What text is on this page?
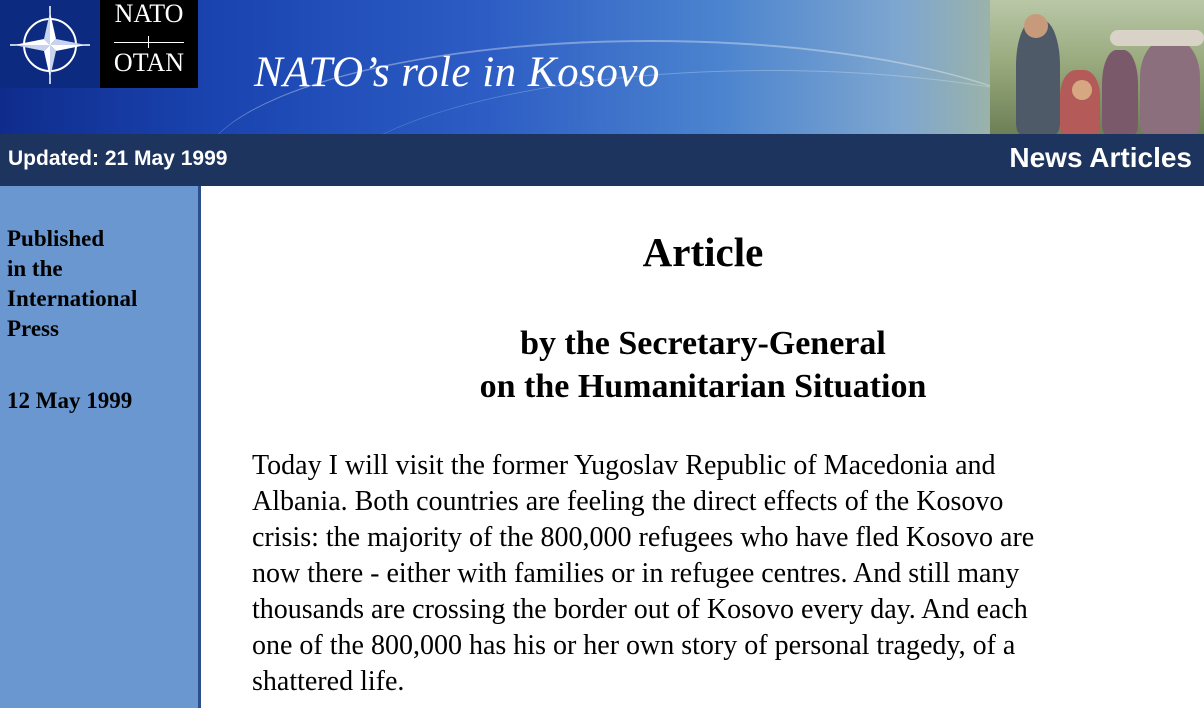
NATO
OTAN	NATO’s role in Kosovo
Updated: 21 May 1999	News Articles
Published
in the
International
Press
12 May 1999
Article
by the Secretary-General
on the Humanitarian Situation
Today I will visit the former Yugoslav Republic of Macedonia and
Albania. Both countries are feeling the direct effects of the Kosovo
crisis: the majority of the 800,000 refugees who have fled Kosovo are
now there - either with families or in refugee centres. And still many
thousands are crossing the border out of Kosovo every day. And each
one of the 800,000 has his or her own story of personal tragedy, of a
shattered life.
